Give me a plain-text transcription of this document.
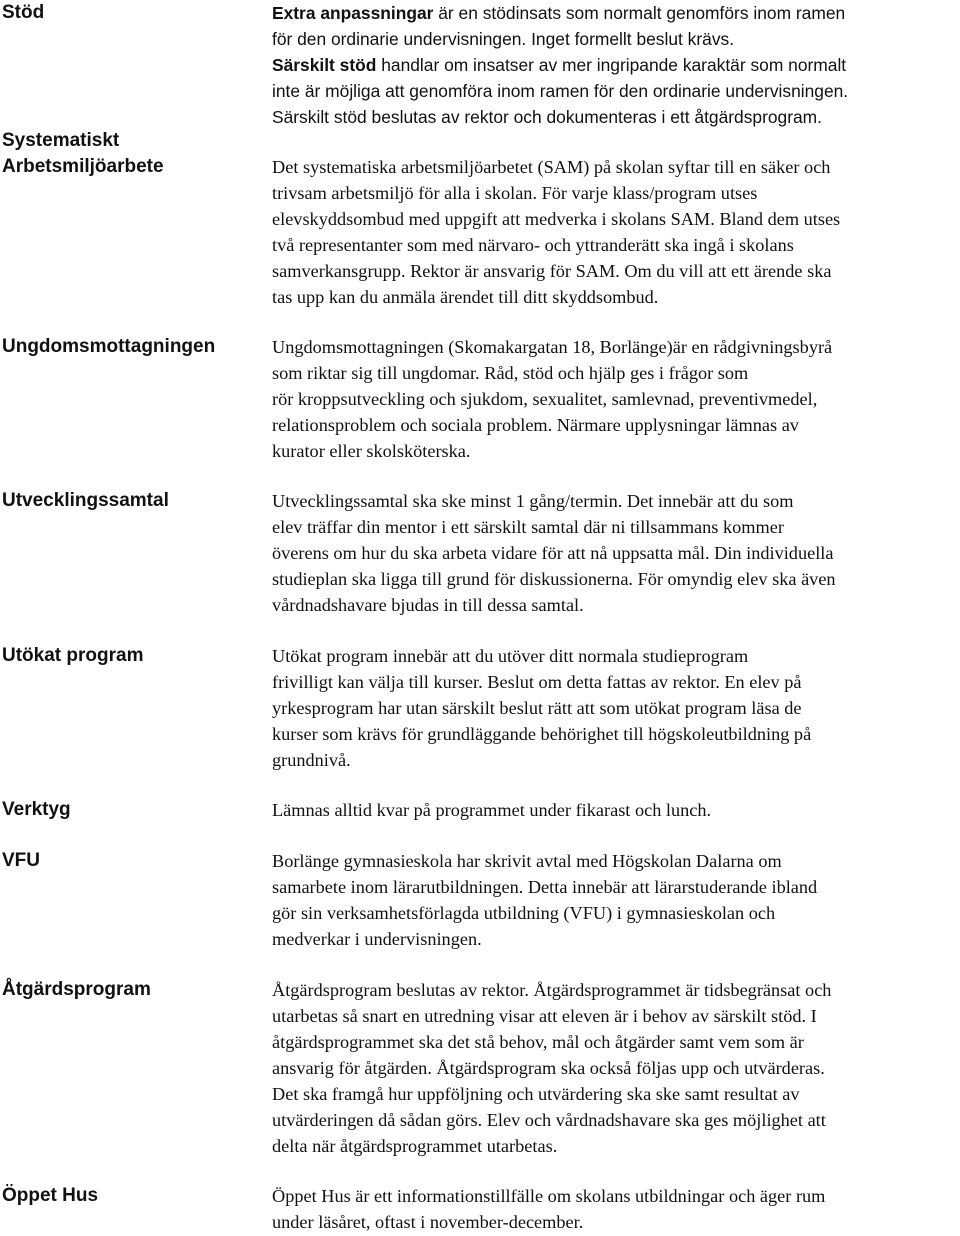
Stöd	Extra anpassningar är en stödinsats som normalt genomförs inom ramen
för den ordinarie undervisningen. Inget formellt beslut krävs.
Särskilt stöd handlar om insatser av mer ingripande karaktär som normalt
inte är möjliga att genomföra inom ramen för den ordinarie undervisningen.
Särskilt stöd beslutas av rektor och dokumenteras i ett åtgärdsprogram.

Systematiskt
Arbetsmiljöarbete	Det systematiska arbetsmiljöarbetet (SAM) på skolan syftar till en säker och
trivsam arbetsmiljö för alla i skolan. För varje klass/program utses
elevskyddsombud med uppgift att medverka i skolans SAM. Bland dem utses
två representanter som med närvaro- och yttranderätt ska ingå i skolans
samverkansgrupp. Rektor är ansvarig för SAM. Om du vill att ett ärende ska
tas upp kan du anmäla ärendet till ditt skyddsombud.

Ungdomsmottagningen	Ungdomsmottagningen (Skomakargatan 18, Borlänge)är en rådgivningsbyrå
som riktar sig till ungdomar. Råd, stöd och hjälp ges i frågor som
rör kroppsutveckling och sjukdom, sexualitet, samlevnad, preventivmedel,
relationsproblem och sociala problem. Närmare upplysningar lämnas av
kurator eller skolsköterska.

Utvecklingssamtal	Utvecklingssamtal ska ske minst 1 gång/termin. Det innebär att du som
elev träffar din mentor i ett särskilt samtal där ni tillsammans kommer
överens om hur du ska arbeta vidare för att nå uppsatta mål. Din individuella
studieplan ska ligga till grund för diskussionerna. För omyndig elev ska även
vårdnadshavare bjudas in till dessa samtal.

Utökat program	Utökat program innebär att du utöver ditt normala studieprogram
frivilligt kan välja till kurser. Beslut om detta fattas av rektor. En elev på
yrkesprogram har utan särskilt beslut rätt att som utökat program läsa de
kurser som krävs för grundläggande behörighet till högskoleutbildning på
grundnivå.

Verktyg	Lämnas alltid kvar på programmet under fikarast och lunch.

VFU	Borlänge gymnasieskola har skrivit avtal med Högskolan Dalarna om
samarbete inom lärarutbildningen. Detta innebär att lärarstuderande ibland
gör sin verksamhetsförlagda utbildning (VFU) i gymnasieskolan och
medverkar i undervisningen.

Åtgärdsprogram	Åtgärdsprogram beslutas av rektor. Åtgärdsprogrammet är tidsbegränsat och
utarbetas så snart en utredning visar att eleven är i behov av särskilt stöd. I
åtgärdsprogrammet ska det stå behov, mål och åtgärder samt vem som är
ansvarig för åtgärden. Åtgärdsprogram ska också följas upp och utvärderas.
Det ska framgå hur uppföljning och utvärdering ska ske samt resultat av
utvärderingen då sådan görs. Elev och vårdnadshavare ska ges möjlighet att
delta när åtgärdsprogrammet utarbetas.

Öppet Hus	Öppet Hus är ett informationstillfälle om skolans utbildningar och äger rum
under läsåret, oftast i november-december.
